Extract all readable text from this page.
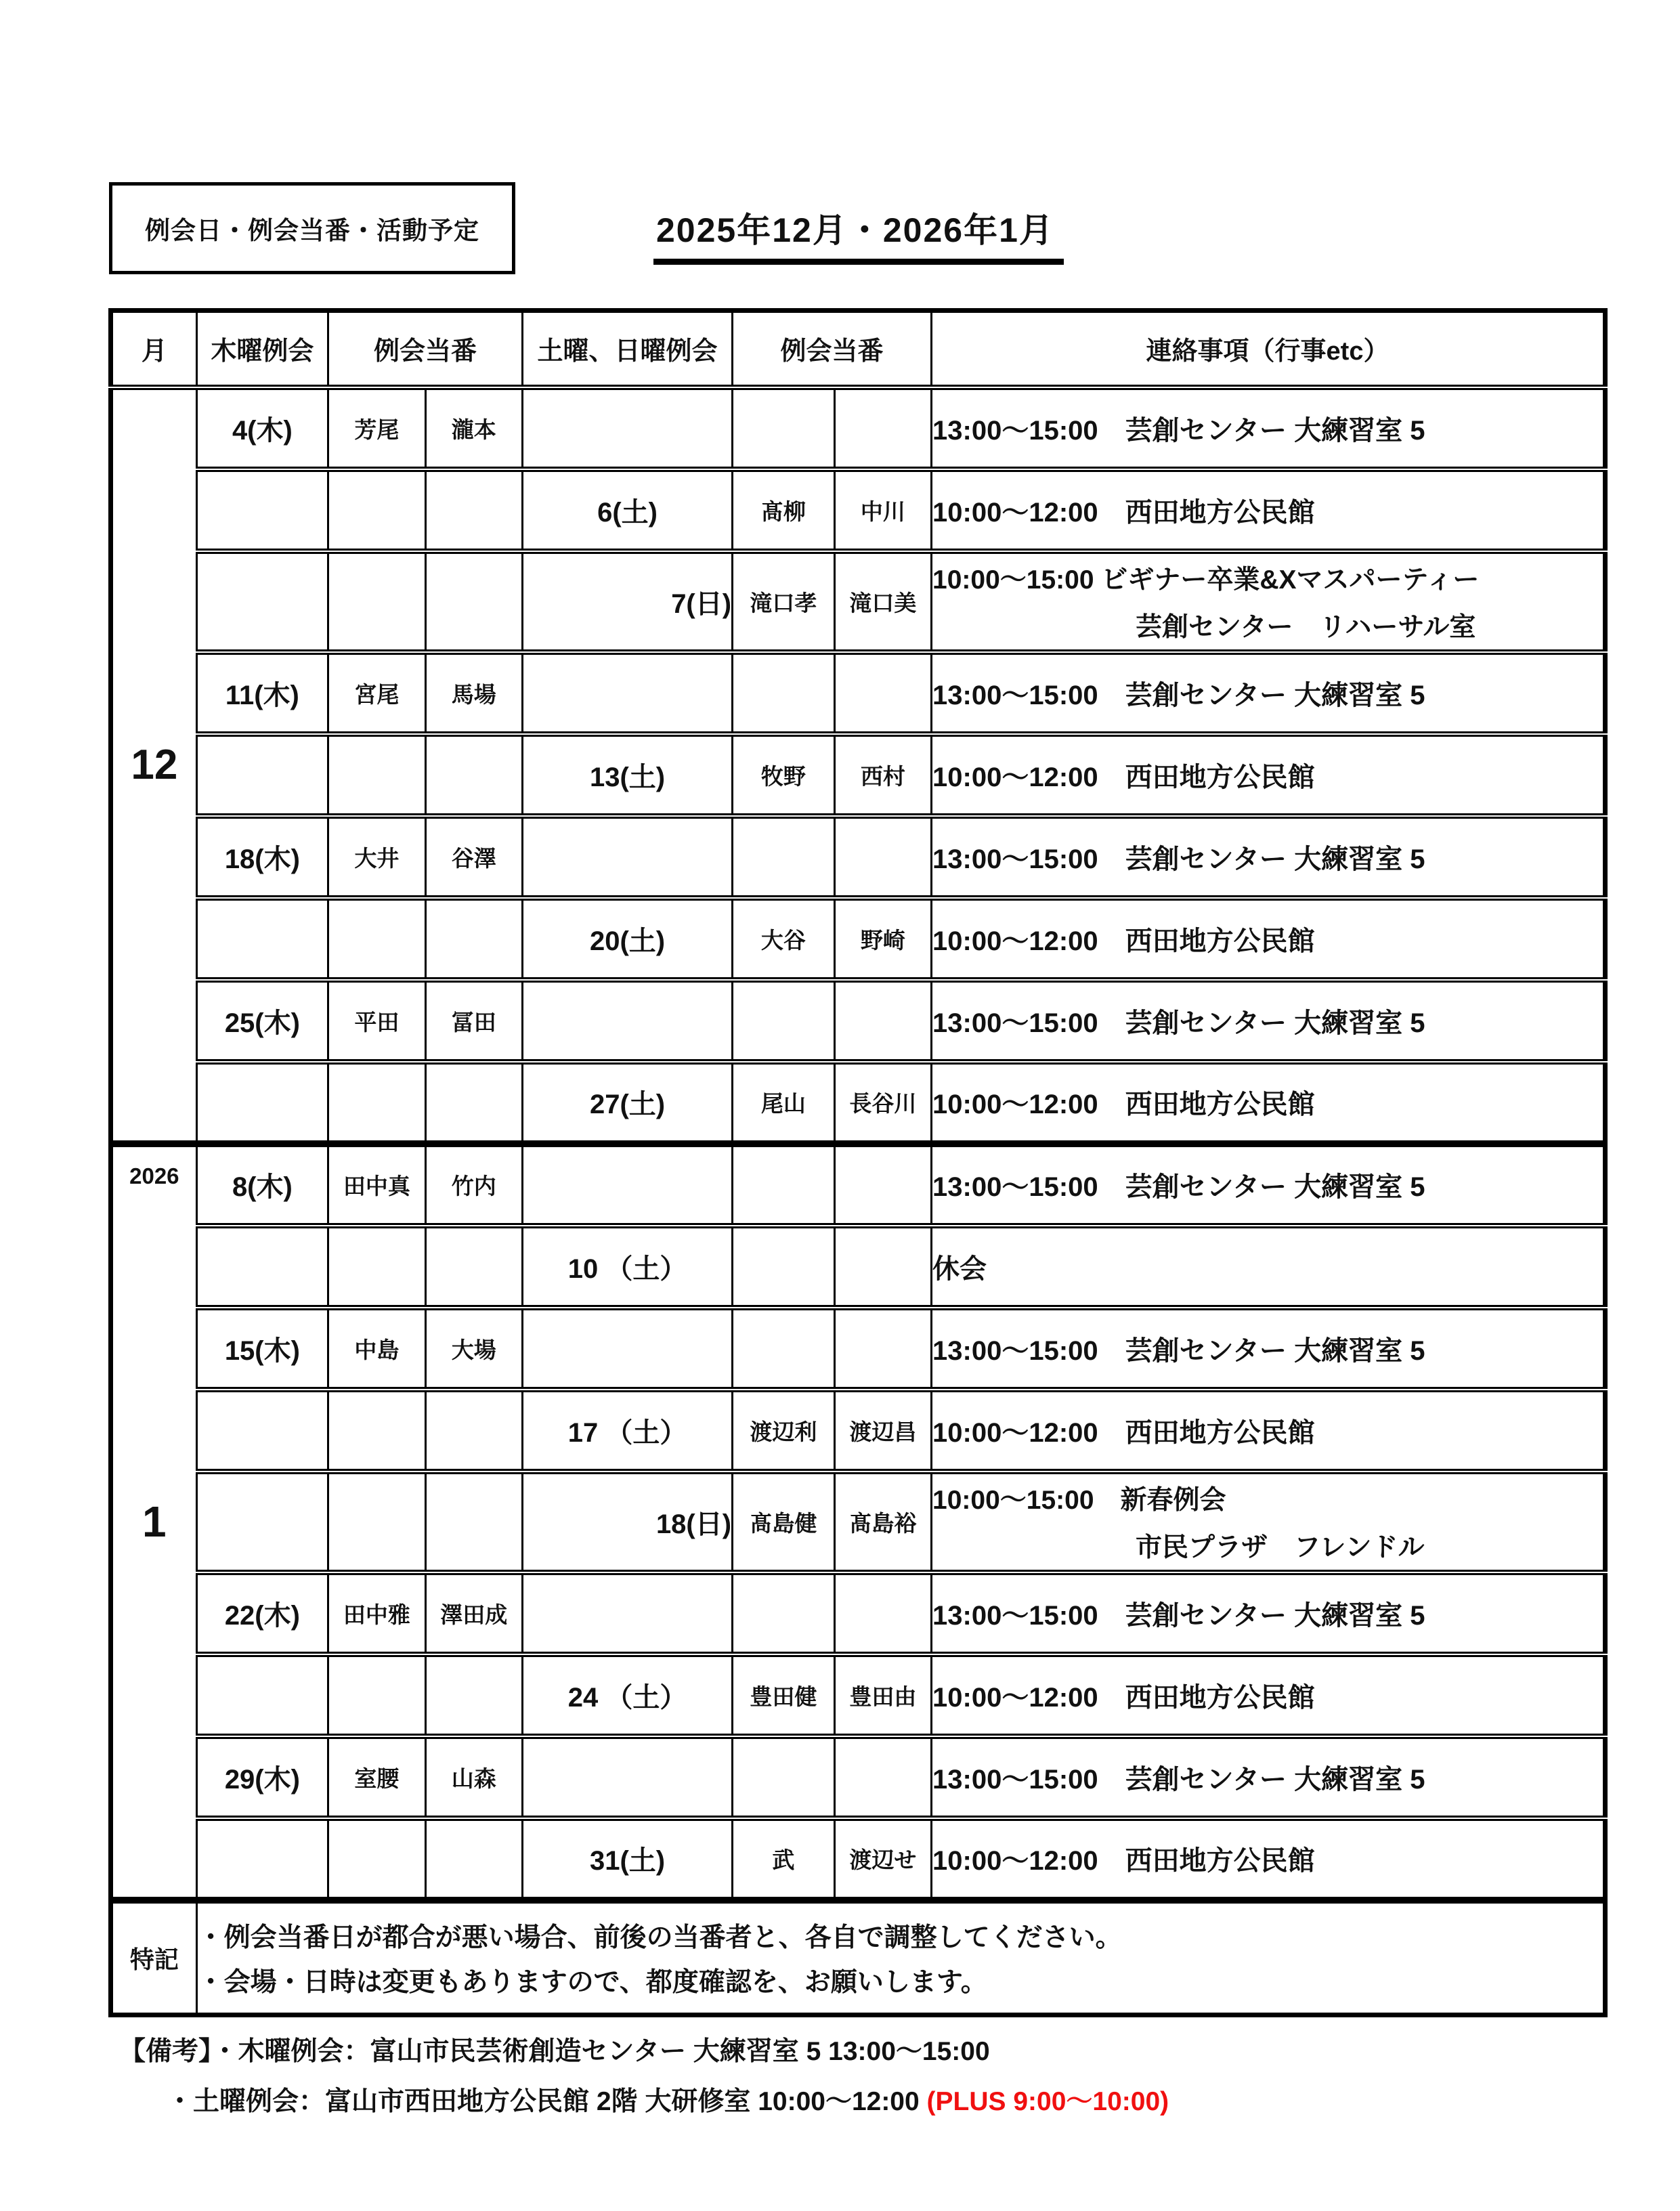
例会日・例会当番・活動予定	2025年12月・2026年1月
月	木曜例会	例会当番		土曜、日曜例会	例会当番		連絡事項（行事etc）

12	4(木)	芳尾	瀧本				13:00～15:00　芸創センター 大練習室 5
				6(土)	髙柳	中川	10:00～12:00　西田地方公民館
				7(日)	滝口孝	滝口美	10:00～15:00 ビギナー卒業&Xマスパーティー
芸創センター　リハーサル室

	11(木)	宮尾	馬場				13:00～15:00　芸創センター 大練習室 5
				13(土)	牧野	西村	10:00～12:00　西田地方公民館
	18(木)	大井	谷澤				13:00～15:00　芸創センター 大練習室 5
				20(土)	大谷	野崎	10:00～12:00　西田地方公民館
	25(木)	平田	冨田				13:00～15:00　芸創センター 大練習室 5
				27(土)	尾山	長谷川	10:00～12:00　西田地方公民館

2026
1	8(木)	田中真	竹内				13:00～15:00　芸創センター 大練習室 5
				10 （土）			休会
	15(木)	中島	大場				13:00～15:00　芸創センター 大練習室 5
				17 （土）	渡辺利	渡辺昌	10:00～12:00　西田地方公民館
				18(日)	髙島健	髙島裕	10:00～15:00　新春例会
市民プラザ　フレンドル

	22(木)	田中雅	澤田成				13:00～15:00　芸創センター 大練習室 5
				24 （土）	豊田健	豊田由	10:00～12:00　西田地方公民館
	29(木)	室腰	山森				13:00～15:00　芸創センター 大練習室 5
				31(土)	武	渡辺せ	10:00～12:00　西田地方公民館
特記	・例会当番日が都合が悪い場合、前後の当番者と、各自で調整してください。
・会場・日時は変更もありますので、都度確認を、お願いします。						
【備考】・木曜例会：富山市民芸術創造センター 大練習室 5 13:00～15:00
・土曜例会：富山市西田地方公民館 2階 大研修室 10:00～12:00 (PLUS 9:00～10:00)
